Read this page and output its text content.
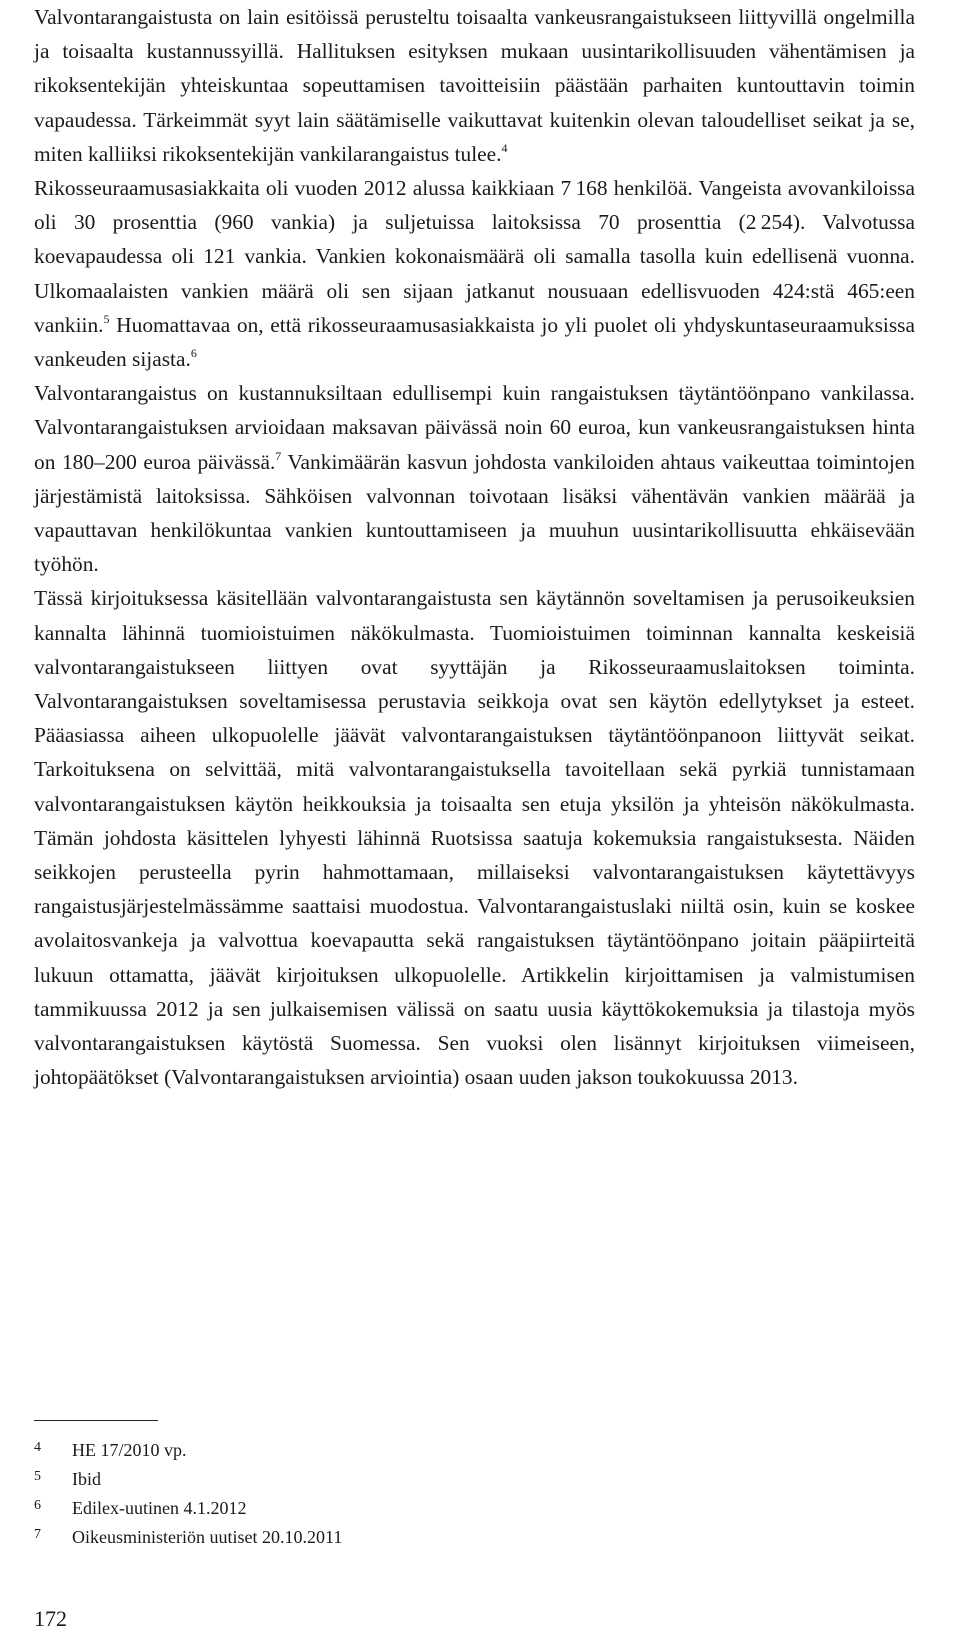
Valvontarangaistusta on lain esitöissä perusteltu toisaalta vankeusrangaistukseen liittyvillä ongelmilla ja toisaalta kustannussyillä. Hallituksen esityksen mukaan uusintarikollisuuden vähentämisen ja rikoksentekijän yhteiskuntaa sopeuttamisen tavoitteisiin päästään parhaiten kuntouttavin toimin vapaudessa. Tärkeimmät syyt lain säätämiselle vaikuttavat kuitenkin olevan taloudelliset seikat ja se, miten kalliiksi rikoksentekijän vankilarangaistus tulee.$^4$

Rikosseuraamusasiakkaita oli vuoden 2012 alussa kaikkiaan 7 168 henkilöä. Vangeista avovankiloissa oli 30 prosenttia (960 vankia) ja suljetuissa laitoksissa 70 prosenttia (2 254). Valvotussa koevapaudessa oli 121 vankia. Vankien kokonaismäärä oli samalla tasolla kuin edellisenä vuonna. Ulkomaalaisten vankien määrä oli sen sijaan jatkanut nousuaan edellisvuoden 424:stä 465:een vankiin.$^5$ Huomattavaa on, että rikosseuraamusasiakkaista jo yli puolet oli yhdyskuntaseuraamuksissa vankeuden sijasta.$^6$

Valvontarangaistus on kustannuksiltaan edullisempi kuin rangaistuksen täytäntöönpano vankilassa. Valvontarangaistuksen arvioidaan maksavan päivässä noin 60 euroa, kun vankeusrangaistuksen hinta on 180–200 euroa päivässä.$^7$ Vankimäärän kasvun johdosta vankiloiden ahtaus vaikeuttaa toimintojen järjestämistä laitoksissa. Sähköisen valvonnan toivotaan lisäksi vähentävän vankien määrää ja vapauttavan henkilökuntaa vankien kuntouttamiseen ja muuhun uusintarikollisuutta ehkäisevään työhön.

Tässä kirjoituksessa käsitellään valvontarangaistusta sen käytännön soveltamisen ja perusoikeuksien kannalta lähinnä tuomioistuimen näkökulmasta. Tuomioistuimen toiminnan kannalta keskeisiä valvontarangaistukseen liittyen ovat syyttäjän ja Rikosseuraamuslaitoksen toiminta. Valvontarangaistuksen soveltamisessa perustavia seikkoja ovat sen käytön edellytykset ja esteet. Pääasiassa aiheen ulkopuolelle jäävät valvontarangaistuksen täytäntöönpanoon liittyvät seikat. Tarkoituksena on selvittää, mitä valvontarangaistuksella tavoitellaan sekä pyrkiä tunnistamaan valvontarangaistuksen käytön heikkouksia ja toisaalta sen etuja yksilön ja yhteisön näkökulmasta. Tämän johdosta käsittelen lyhyesti lähinnä Ruotsissa saatuja kokemuksia rangaistuksesta. Näiden seikkojen perusteella pyrin hahmottamaan, millaiseksi valvontarangaistuksen käytettävyys rangaistusjärjestelmässämme saattaisi muodostua. Valvontarangaistuslaki niiltä osin, kuin se koskee avolaitosvankeja ja valvottua koevapautta sekä rangaistuksen täytäntöönpano joitain pääpiirteitä lukuun ottamatta, jäävät kirjoituksen ulkopuolelle. Artikkelin kirjoittamisen ja valmistumisen tammikuussa 2012 ja sen julkaisemisen välissä on saatu uusia käyttökokemuksia ja tilastoja myös valvontarangaistuksen käytöstä Suomessa. Sen vuoksi olen lisännyt kirjoituksen viimeiseen, johtopäätökset (Valvontarangaistuksen arviointia) osaan uuden jakson toukokuussa 2013.

4	HE 17/2010 vp.
5	Ibid
6	Edilex-uutinen 4.1.2012
7	Oikeusministeriön uutiset 20.10.2011
172
